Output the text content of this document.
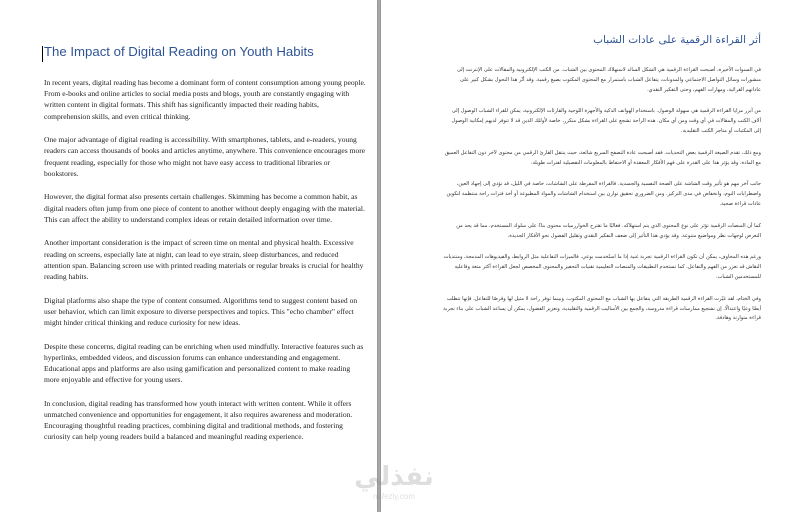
The Impact of Digital Reading on Youth Habits

In recent years, digital reading has become a dominant form of content consumption among young people. From e-books and online articles to social media posts and blogs, youth are constantly engaging with written content in digital formats. This shift has significantly impacted their reading habits, comprehension skills, and even critical thinking.

One major advantage of digital reading is accessibility. With smartphones, tablets, and e-readers, young readers can access thousands of books and articles anytime, anywhere. This convenience encourages more frequent reading, especially for those who might not have easy access to traditional libraries or bookstores.

However, the digital format also presents certain challenges. Skimming has become a common habit, as digital readers often jump from one piece of content to another without deeply engaging with the material. This can affect the ability to understand complex ideas or retain detailed information over time.

Another important consideration is the impact of screen time on mental and physical health. Excessive reading on screens, especially late at night, can lead to eye strain, sleep disturbances, and reduced attention span. Balancing screen use with printed reading materials or regular breaks is crucial for healthy reading habits.

Digital platforms also shape the type of content consumed. Algorithms tend to suggest content based on user behavior, which can limit exposure to diverse perspectives and topics. This "echo chamber" effect might hinder critical thinking and reduce curiosity for new ideas.

Despite these concerns, digital reading can be enriching when used mindfully. Interactive features such as hyperlinks, embedded videos, and discussion forums can enhance understanding and engagement. Educational apps and platforms are also using gamification and personalized content to make reading more enjoyable and effective for young users.

In conclusion, digital reading has transformed how youth interact with written content. While it offers unmatched convenience and opportunities for engagement, it also requires awareness and moderation. Encouraging thoughtful reading practices, combining digital and traditional methods, and fostering curiosity can help young readers build a balanced and meaningful reading experience.

أثر القراءة الرقمية على عادات الشباب

في السنوات الأخيرة، أصبحت القراءة الرقمية هي الشكل السائد لاستهلاك المحتوى بين الشباب. من الكتب الإلكترونية والمقالات على الإنترنت إلى منشورات وسائل التواصل الاجتماعي والمدونات، يتفاعل الشباب باستمرار مع المحتوى المكتوب بصيغ رقمية. وقد أثّر هذا التحول بشكل كبير على عاداتهم القرائية، ومهارات الفهم، وحتى التفكير النقدي.

من أبرز مزايا القراءة الرقمية هي سهولة الوصول. باستخدام الهواتف الذكية والأجهزة اللوحية والقارئات الإلكترونية، يمكن للقراء الشباب الوصول إلى آلاف الكتب والمقالات في أي وقت ومن أي مكان. هذه الراحة تشجع على القراءة بشكل متكرر، خاصة لأولئك الذين قد لا تتوفر لديهم إمكانية الوصول إلى المكتبات أو متاجر الكتب التقليدية.

ومع ذلك، تقدم الصيغة الرقمية بعض التحديات. فقد أصبحت عادة التصفح السريع شائعة، حيث ينتقل القارئ الرقمي من محتوى لآخر دون التفاعل العميق مع المادة. وقد يؤثر هذا على القدرة على فهم الأفكار المعقدة أو الاحتفاظ بالمعلومات التفصيلية لفترات طويلة.

جانب آخر مهم هو تأثير وقت الشاشة على الصحة النفسية والجسدية. فالقراءة المفرطة على الشاشات، خاصة في الليل، قد تؤدي إلى إجهاد العين، واضطرابات النوم، وانخفاض في مدى التركيز. ومن الضروري تحقيق توازن بين استخدام الشاشات والمواد المطبوعة أو أخذ فترات راحة منتظمة لتكوين عادات قراءة صحية.

كما أن المنصات الرقمية تؤثر على نوع المحتوى الذي يتم استهلاكه. فغالبًا ما تقترح الخوارزميات محتوى بناءً على سلوك المستخدم، مما قد يحد من التعرض لوجهات نظر ومواضيع متنوعة. وقد يؤدي هذا التأثير إلى ضعف التفكير النقدي وتقليل الفضول نحو الأفكار الجديدة.

ورغم هذه المخاوف، يمكن أن تكون القراءة الرقمية تجربة غنية إذا ما استُخدمت بوعي. فالميزات التفاعلية مثل الروابط، والفيديوهات المدمجة، ومنتديات النقاش قد تعزز من الفهم والتفاعل. كما تستخدم التطبيقات والمنصات التعليمية تقنيات التحفيز والمحتوى المخصص لجعل القراءة أكثر متعة وفاعلية للمستخدمين الشباب.

وفي الختام، لقد غيّرت القراءة الرقمية الطريقة التي يتفاعل بها الشباب مع المحتوى المكتوب. وبينما توفر راحة لا مثيل لها وفرصًا للتفاعل، فإنها تتطلب أيضًا وعيًا واعتدالًا. إن تشجيع ممارسات قراءة مدروسة، والجمع بين الأساليب الرقمية والتقليدية، وتعزيز الفضول، يمكن أن يساعد الشباب على بناء تجربة قراءة متوازنة وهادفة.

نفذلي
nafezly.com
